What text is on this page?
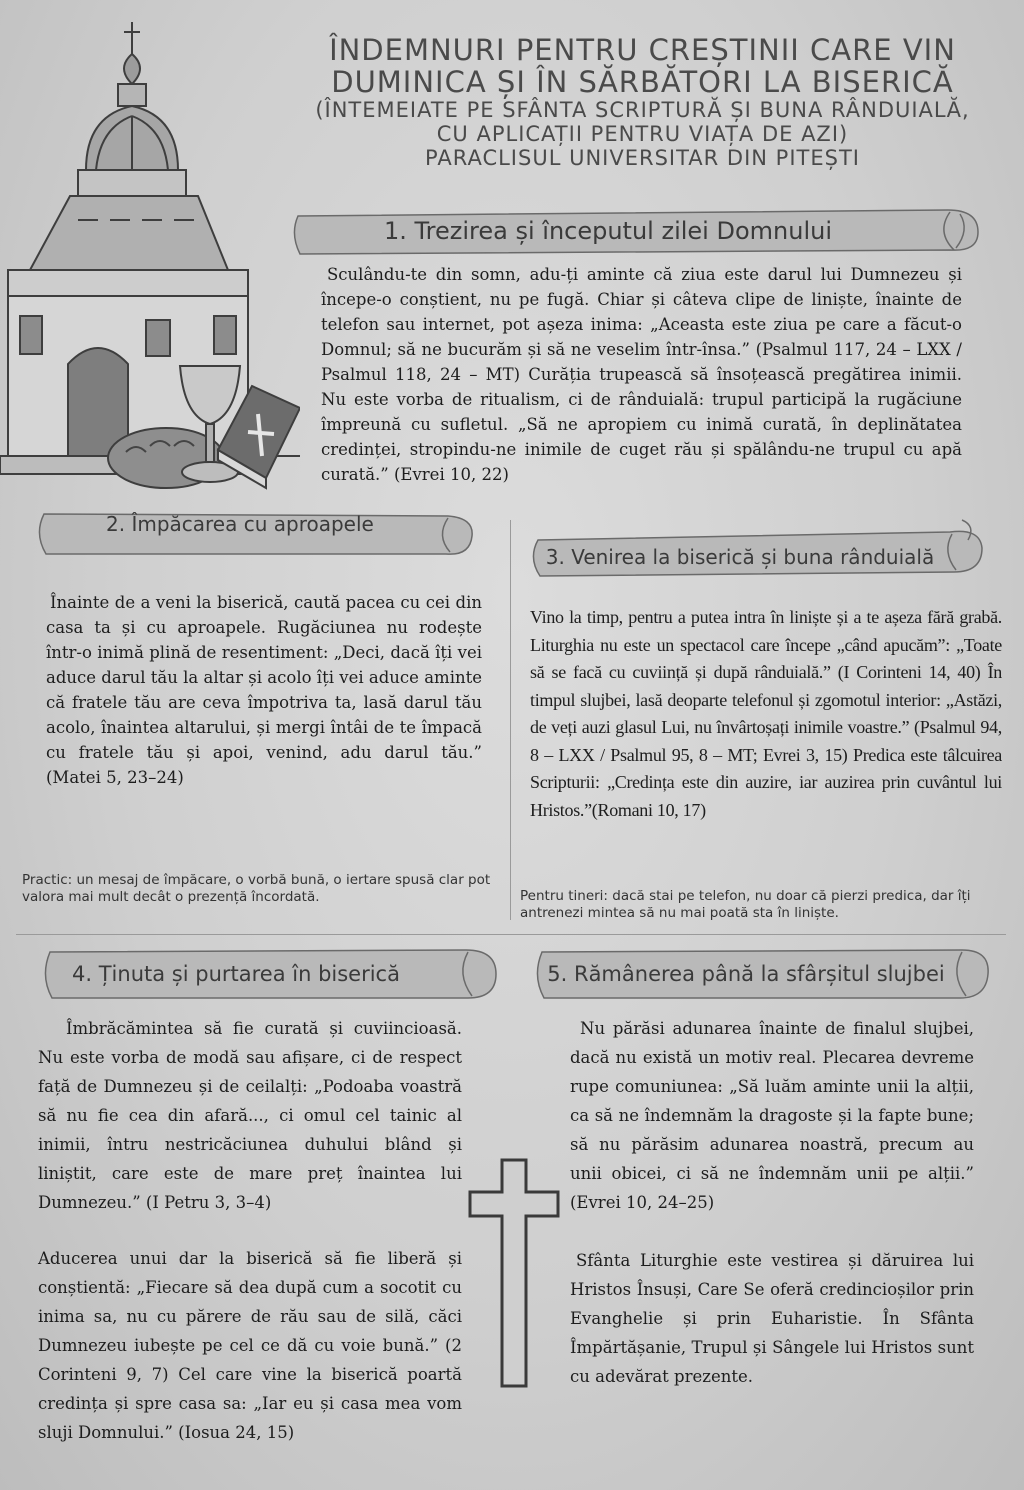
ÎNDEMNURI PENTRU CREȘTINII CARE VIN
DUMINICA ȘI ÎN SĂRBĂTORI LA BISERICĂ
(ÎNTEMEIATE PE SFÂNTA SCRIPTURĂ ȘI BUNA RÂNDUIALĂ,
CU APLICAȚII PENTRU VIAȚA DE AZI)
PARACLISUL UNIVERSITAR DIN PITEȘTI
1. Trezirea și începutul zilei Domnului
Sculându-te din somn, adu-ți aminte că ziua este darul lui Dumnezeu și începe-o conștient, nu pe fugă. Chiar și câteva clipe de liniște, înainte de telefon sau internet, pot așeza inima: „Aceasta este ziua pe care a făcut-o Domnul; să ne bucurăm și să ne veselim într-însa.” (Psalmul 117, 24 – LXX / Psalmul 118, 24 – MT) Curăția trupească să însoțească pregătirea inimii. Nu este vorba de ritualism, ci de rânduială: trupul participă la rugăciune împreună cu sufletul. „Să ne apropiem cu inimă curată, în deplinătatea credinței, stropindu-ne inimile de cuget rău și spălându-ne trupul cu apă curată.” (Evrei 10, 22)
2. Împăcarea cu aproapele
Înainte de a veni la biserică, caută pacea cu cei din casa ta și cu aproapele. Rugăciunea nu rodește într-o inimă plină de resentiment: „Deci, dacă îți vei aduce darul tău la altar și acolo îți vei aduce aminte că fratele tău are ceva împotriva ta, lasă darul tău acolo, înaintea altarului, și mergi întâi de te împacă cu fratele tău și apoi, venind, adu darul tău.” (Matei 5, 23–24)
Practic: un mesaj de împăcare, o vorbă bună, o iertare spusă clar pot valora mai mult decât o prezență încordată.
3. Venirea la biserică și buna rânduială
Vino la timp, pentru a putea intra în liniște și a te așeza fără grabă. Liturghia nu este un spectacol care începe „când apucăm”: „Toate să se facă cu cuviință și după rânduială.” (I Corinteni 14, 40) În timpul slujbei, lasă deoparte telefonul și zgomotul interior: „Astăzi, de veți auzi glasul Lui, nu învârtoșați inimile voastre.” (Psalmul 94, 8 – LXX / Psalmul 95, 8 – MT; Evrei 3, 15) Predica este tâlcuirea Scripturii: „Credința este din auzire, iar auzirea prin cuvântul lui Hristos.”(Romani 10, 17)
Pentru tineri: dacă stai pe telefon, nu doar că pierzi predica, dar îți antrenezi mintea să nu mai poată sta în liniște.
4. Ținuta și purtarea în biserică
Îmbrăcămintea să fie curată și cuviincioasă. Nu este vorba de modă sau afișare, ci de respect față de Dumnezeu și de ceilalți: „Podoaba voastră să nu fie cea din afară..., ci omul cel tainic al inimii, întru nestricăciunea duhului blând și liniștit, care este de mare preț înaintea lui Dumnezeu.” (I Petru 3, 3–4)
Aducerea unui dar la biserică să fie liberă și conștientă: „Fiecare să dea după cum a socotit cu inima sa, nu cu părere de rău sau de silă, căci Dumnezeu iubește pe cel ce dă cu voie bună.” (2 Corinteni 9, 7) Cel care vine la biserică poartă credința și spre casa sa: „Iar eu și casa mea vom sluji Domnului.” (Iosua 24, 15)
5. Rămânerea până la sfârșitul slujbei
Nu părăsi adunarea înainte de finalul slujbei, dacă nu există un motiv real. Plecarea devreme rupe comuniunea: „Să luăm aminte unii la alții, ca să ne îndemnăm la dragoste și la fapte bune; să nu părăsim adunarea noastră, precum au unii obicei, ci să ne îndemnăm unii pe alții.” (Evrei 10, 24–25)
Sfânta Liturghie este vestirea și dăruirea lui Hristos Însuși, Care Se oferă credincioșilor prin Evanghelie și prin Euharistie. În Sfânta Împărtășanie, Trupul și Sângele lui Hristos sunt cu adevărat prezente.
